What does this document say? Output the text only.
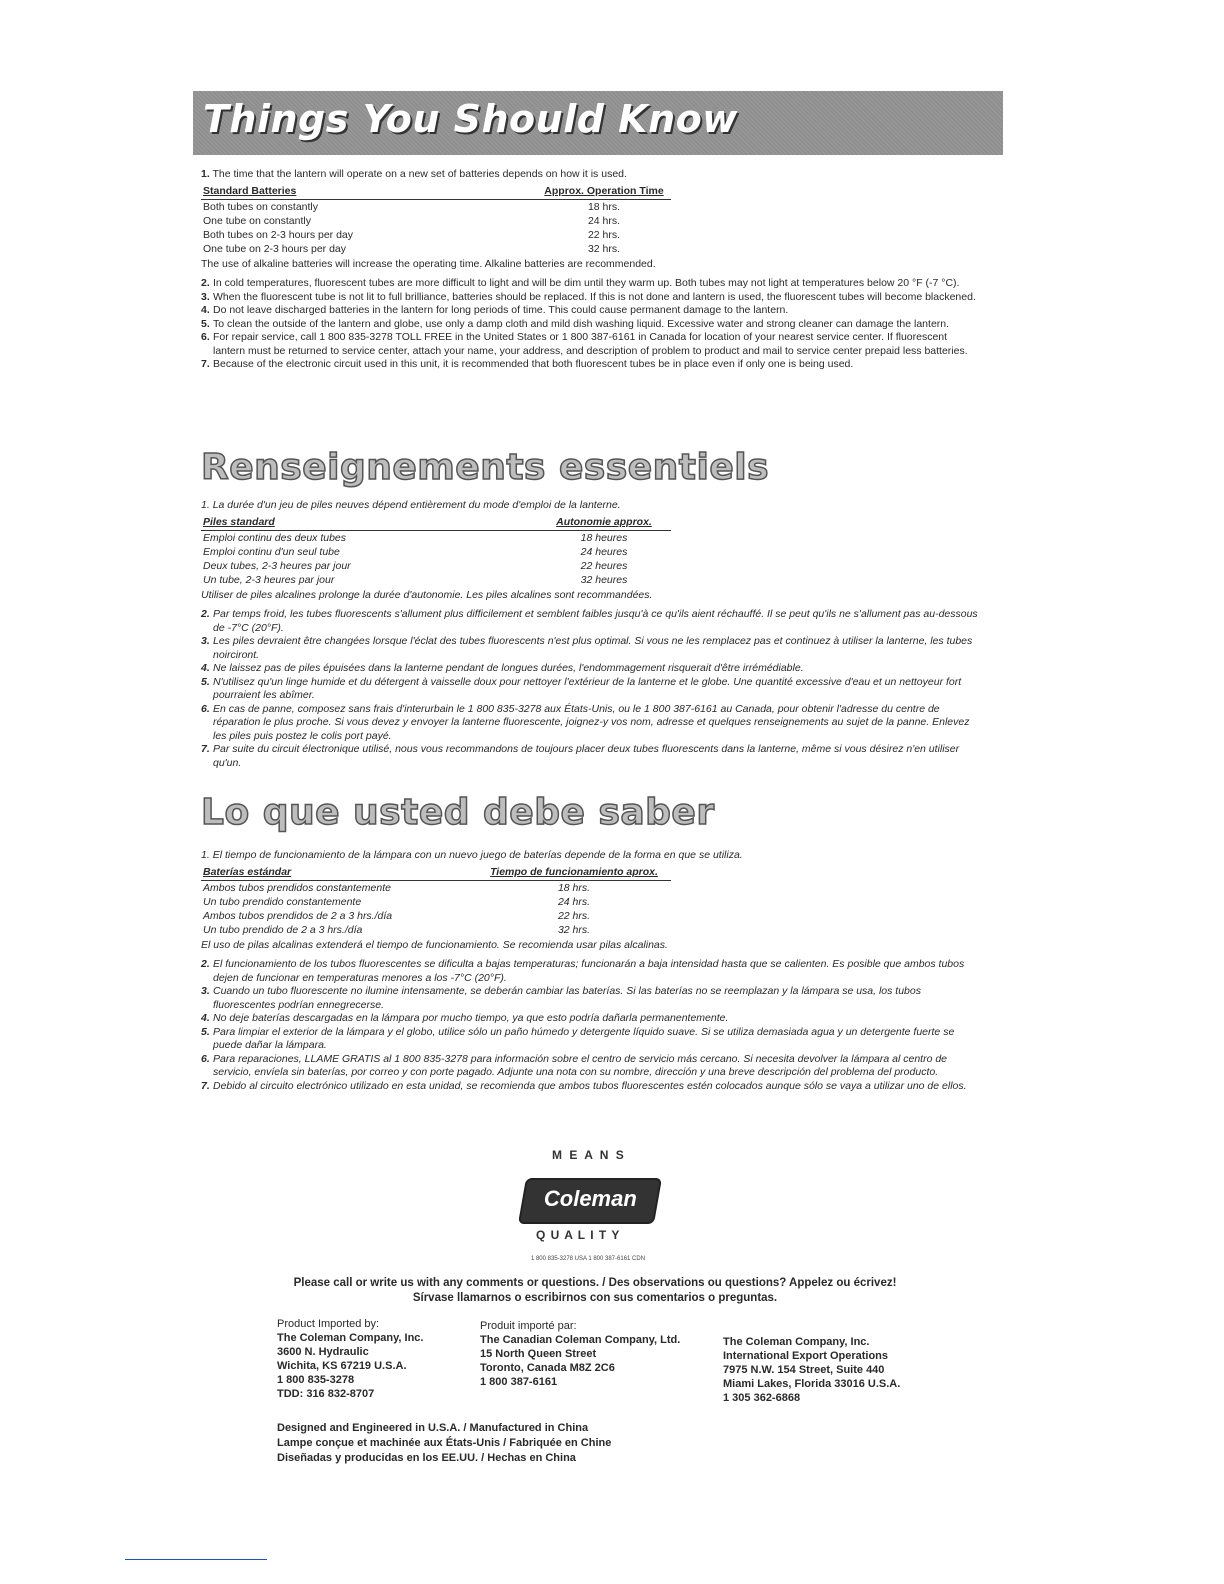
Things You Should Know

1. The time that the lantern will operate on a new set of batteries depends on how it is used.

Standard Batteries	Approx. Operation Time
Both tubes on constantly	18 hrs.
One tube on constantly	24 hrs.
Both tubes on 2-3 hours per day	22 hrs.
One tube on 2-3 hours per day	32 hrs.

The use of alkaline batteries will increase the operating time. Alkaline batteries are recommended.

2. In cold temperatures, fluorescent tubes are more difficult to light and will be dim until they warm up. Both tubes may not light at temperatures below 20 °F (-7 °C).
3. When the fluorescent tube is not lit to full brilliance, batteries should be replaced. If this is not done and lantern is used, the fluorescent tubes will become blackened.
4. Do not leave discharged batteries in the lantern for long periods of time. This could cause permanent damage to the lantern.
5. To clean the outside of the lantern and globe, use only a damp cloth and mild dish washing liquid. Excessive water and strong cleaner can damage the lantern.
6. For repair service, call 1 800 835-3278 TOLL FREE in the United States or 1 800 387-6161 in Canada for location of your nearest service center. If fluorescent lantern must be returned to service center, attach your name, your address, and description of problem to product and mail to service center prepaid less batteries.
7. Because of the electronic circuit used in this unit, it is recommended that both fluorescent tubes be in place even if only one is being used.
Renseignements essentiels

1. La durée d'un jeu de piles neuves dépend entièrement du mode d'emploi de la lanterne.

Piles standard	Autonomie approx.
Emploi continu des deux tubes	18 heures
Emploi continu d'un seul tube	24 heures
Deux tubes, 2-3 heures par jour	22 heures
Un tube, 2-3 heures par jour	32 heures

Utiliser de piles alcalines prolonge la durée d'autonomie. Les piles alcalines sont recommandées.

2. Par temps froid, les tubes fluorescents s'allument plus difficilement et semblent faibles jusqu'à ce qu'ils aient réchauffé. Il se peut qu'ils ne s'allument pas au-dessous de -7°C (20°F).
3. Les piles devraient être changées lorsque l'éclat des tubes fluorescents n'est plus optimal. Si vous ne les remplacez pas et continuez à utiliser la lanterne, les tubes noirciront.
4. Ne laissez pas de piles épuisées dans la lanterne pendant de longues durées, l'endommagement risquerait d'être irrémédiable.
5. N'utilisez qu'un linge humide et du détergent à vaisselle doux pour nettoyer l'extérieur de la lanterne et le globe. Une quantité excessive d'eau et un nettoyeur fort pourraient les abîmer.
6. En cas de panne, composez sans frais d'interurbain le 1 800 835-3278 aux États-Unis, ou le 1 800 387-6161 au Canada, pour obtenir l'adresse du centre de réparation le plus proche. Si vous devez y envoyer la lanterne fluorescente, joignez-y vos nom, adresse et quelques renseignements au sujet de la panne. Enlevez les piles puis postez le colis port payé.
7. Par suite du circuit électronique utilisé, nous vous recommandons de toujours placer deux tubes fluorescents dans la lanterne, même si vous désirez n'en utiliser qu'un.
Lo que usted debe saber

1. El tiempo de funcionamiento de la lámpara con un nuevo juego de baterías depende de la forma en que se utiliza.

Baterías estándar	Tiempo de funcionamiento aprox.
Ambos tubos prendidos constantemente	18 hrs.
Un tubo prendido constantemente	24 hrs.
Ambos tubos prendidos de 2 a 3 hrs./día	22 hrs.
Un tubo prendido de 2 a 3 hrs./día	32 hrs.

El uso de pilas alcalinas extenderá el tiempo de funcionamiento. Se recomienda usar pilas alcalinas.

2. El funcionamiento de los tubos fluorescentes se dificulta a bajas temperaturas; funcionarán a baja intensidad hasta que se calienten. Es posible que ambos tubos dejen de funcionar en temperaturas menores a los -7°C (20°F).
3. Cuando un tubo fluorescente no ilumine intensamente, se deberán cambiar las baterías. Si las baterías no se reemplazan y la lámpara se usa, los tubos fluorescentes podrían ennegrecerse.
4. No deje baterías descargadas en la lámpara por mucho tiempo, ya que esto podría dañarla permanentemente.
5. Para limpiar el exterior de la lámpara y el globo, utilice sólo un paño húmedo y detergente líquido suave. Si se utiliza demasiada agua y un detergente fuerte se puede dañar la lámpara.
6. Para reparaciones, LLAME GRATIS al 1 800 835-3278 para información sobre el centro de servicio más cercano. Si necesita devolver la lámpara al centro de servicio, envíela sin baterías, por correo y con porte pagado. Adjunte una nota con su nombre, dirección y una breve descripción del problema del producto.
7. Debido al circuito electrónico utilizado en esta unidad, se recomienda que ambos tubos fluorescentes estén colocados aunque sólo se vaya a utilizar uno de ellos.
M E A N S
Coleman
Q U A L I T Y
1 800 835-3278 USA 1 800 387-6161 CDN
Please call or write us with any comments or questions. / Des observations ou questions? Appelez ou écrivez!
Sírvase llamarnos o escribirnos con sus comentarios o preguntas.
Product Imported by:
The Coleman Company, Inc.
3600 N. Hydraulic
Wichita, KS 67219 U.S.A.
1 800 835-3278
TDD: 316 832-8707
Produit importé par:
The Canadian Coleman Company, Ltd.
15 North Queen Street
Toronto, Canada M8Z 2C6
1 800 387-6161
The Coleman Company, Inc.
International Export Operations
7975 N.W. 154 Street, Suite 440
Miami Lakes, Florida 33016 U.S.A.
1 305 362-6868
Designed and Engineered in U.S.A. / Manufactured in China
Lampe conçue et machinée aux États-Unis / Fabriquée en Chine
Diseñadas y producidas en los EE.UU. / Hechas en China
